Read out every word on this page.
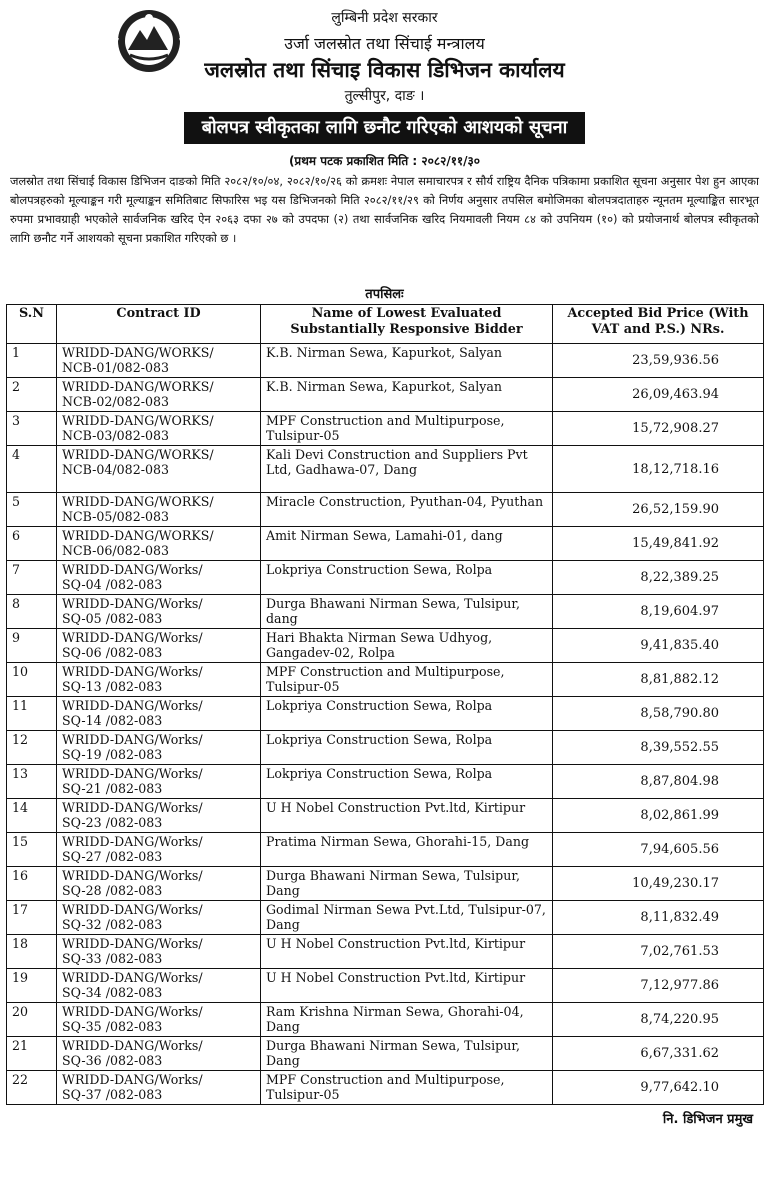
लुम्बिनी प्रदेश सरकार
उर्जा जलस्रोत तथा सिंचाई मन्त्रालय
जलस्रोत तथा सिंचाइ विकास डिभिजन कार्यालय
तुल्सीपुर, दाङ ।
बोलपत्र स्वीकृतका लागि छनौट गरिएको आशयको सूचना
(प्रथम पटक प्रकाशित मिति : २०८२/११/३०
जलस्रोत तथा सिंचाई विकास डिभिजन दाङको मिति २०८२/१०/०४, २०८२/१०/२६ को क्रमशः नेपाल समाचारपत्र र सौर्य राष्ट्रिय दैनिक पत्रिकामा प्रकाशित सूचना अनुसार पेश हुन आएका बोलपत्रहरुको मूल्याङ्कन गरी मूल्याङ्कन समितिबाट सिफारिस भइ यस डिभिजनको मिति २०८२/११/२९ को निर्णय अनुसार तपसिल बमोजिमका बोलपत्रदाताहरु न्यूनतम मूल्याङ्कित सारभूत रुपमा प्रभावग्राही भएकोले सार्वजनिक खरिद ऐन २०६३ दफा २७ को उपदफा (२) तथा सार्वजनिक खरिद नियमावली नियम ८४ को उपनियम (१०) को प्रयोजनार्थ बोलपत्र स्वीकृतको लागि छनौट गर्ने आशयको सूचना प्रकाशित गरिएको छ ।
तपसिलः
S.N	Contract ID	Name of Lowest Evaluated Substantially Responsive Bidder	Accepted Bid Price (With VAT and P.S.) NRs.
1	WRIDD-DANG/WORKS/
NCB-01/082-083	K.B. Nirman Sewa, Kapurkot, Salyan	23,59,936.56
2	WRIDD-DANG/WORKS/
NCB-02/082-083	K.B. Nirman Sewa, Kapurkot, Salyan	26,09,463.94
3	WRIDD-DANG/WORKS/
NCB-03/082-083	MPF Construction and Multipurpose, Tulsipur-05	15,72,908.27
4	WRIDD-DANG/WORKS/
NCB-04/082-083	Kali Devi Construction and Suppliers Pvt Ltd, Gadhawa-07, Dang	18,12,718.16
5	WRIDD-DANG/WORKS/
NCB-05/082-083	Miracle Construction, Pyuthan-04, Pyuthan	26,52,159.90
6	WRIDD-DANG/WORKS/
NCB-06/082-083	Amit Nirman Sewa, Lamahi-01, dang	15,49,841.92
7	WRIDD-DANG/Works/
SQ-04 /082-083	Lokpriya Construction Sewa, Rolpa	8,22,389.25
8	WRIDD-DANG/Works/
SQ-05 /082-083	Durga Bhawani Nirman Sewa, Tulsipur, dang	8,19,604.97
9	WRIDD-DANG/Works/
SQ-06 /082-083	Hari Bhakta Nirman Sewa Udhyog, Gangadev-02, Rolpa	9,41,835.40
10	WRIDD-DANG/Works/
SQ-13 /082-083	MPF Construction and Multipurpose, Tulsipur-05	8,81,882.12
11	WRIDD-DANG/Works/
SQ-14 /082-083	Lokpriya Construction Sewa, Rolpa	8,58,790.80
12	WRIDD-DANG/Works/
SQ-19 /082-083	Lokpriya Construction Sewa, Rolpa	8,39,552.55
13	WRIDD-DANG/Works/
SQ-21 /082-083	Lokpriya Construction Sewa, Rolpa	8,87,804.98
14	WRIDD-DANG/Works/
SQ-23 /082-083	U H Nobel Construction Pvt.ltd, Kirtipur	8,02,861.99
15	WRIDD-DANG/Works/
SQ-27 /082-083	Pratima Nirman Sewa, Ghorahi-15, Dang	7,94,605.56
16	WRIDD-DANG/Works/
SQ-28 /082-083	Durga Bhawani Nirman Sewa, Tulsipur, Dang	10,49,230.17
17	WRIDD-DANG/Works/
SQ-32 /082-083	Godimal Nirman Sewa Pvt.Ltd, Tulsipur-07, Dang	8,11,832.49
18	WRIDD-DANG/Works/
SQ-33 /082-083	U H Nobel Construction Pvt.ltd, Kirtipur	7,02,761.53
19	WRIDD-DANG/Works/
SQ-34 /082-083	U H Nobel Construction Pvt.ltd, Kirtipur	7,12,977.86
20	WRIDD-DANG/Works/
SQ-35 /082-083	Ram Krishna Nirman Sewa, Ghorahi-04, Dang	8,74,220.95
21	WRIDD-DANG/Works/
SQ-36 /082-083	Durga Bhawani Nirman Sewa, Tulsipur, Dang	6,67,331.62
22	WRIDD-DANG/Works/
SQ-37 /082-083	MPF Construction and Multipurpose, Tulsipur-05	9,77,642.10
नि. डिभिजन प्रमुख
